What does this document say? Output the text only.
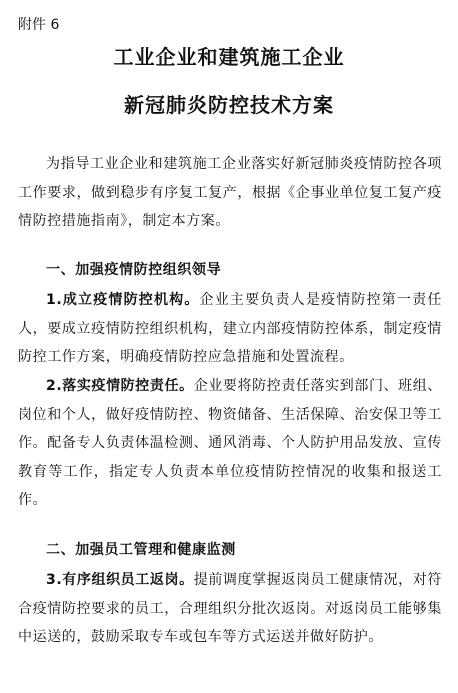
附件 6
工业企业和建筑施工企业
新冠肺炎防控技术方案
为指导工业企业和建筑施工企业落实好新冠肺炎疫情防控各项工作要求，做到稳步有序复工复产，根据《企事业单位复工复产疫情防控措施指南》，制定本方案。
一、加强疫情防控组织领导
1.成立疫情防控机构。企业主要负责人是疫情防控第一责任人，要成立疫情防控组织机构，建立内部疫情防控体系，制定疫情防控工作方案，明确疫情防控应急措施和处置流程。
2.落实疫情防控责任。企业要将防控责任落实到部门、班组、岗位和个人，做好疫情防控、物资储备、生活保障、治安保卫等工作。配备专人负责体温检测、通风消毒、个人防护用品发放、宣传教育等工作，指定专人负责本单位疫情防控情况的收集和报送工作。
二、加强员工管理和健康监测
3.有序组织员工返岗。提前调度掌握返岗员工健康情况，对符合疫情防控要求的员工，合理组织分批次返岗。对返岗员工能够集中运送的，鼓励采取专车或包车等方式运送并做好防护。
